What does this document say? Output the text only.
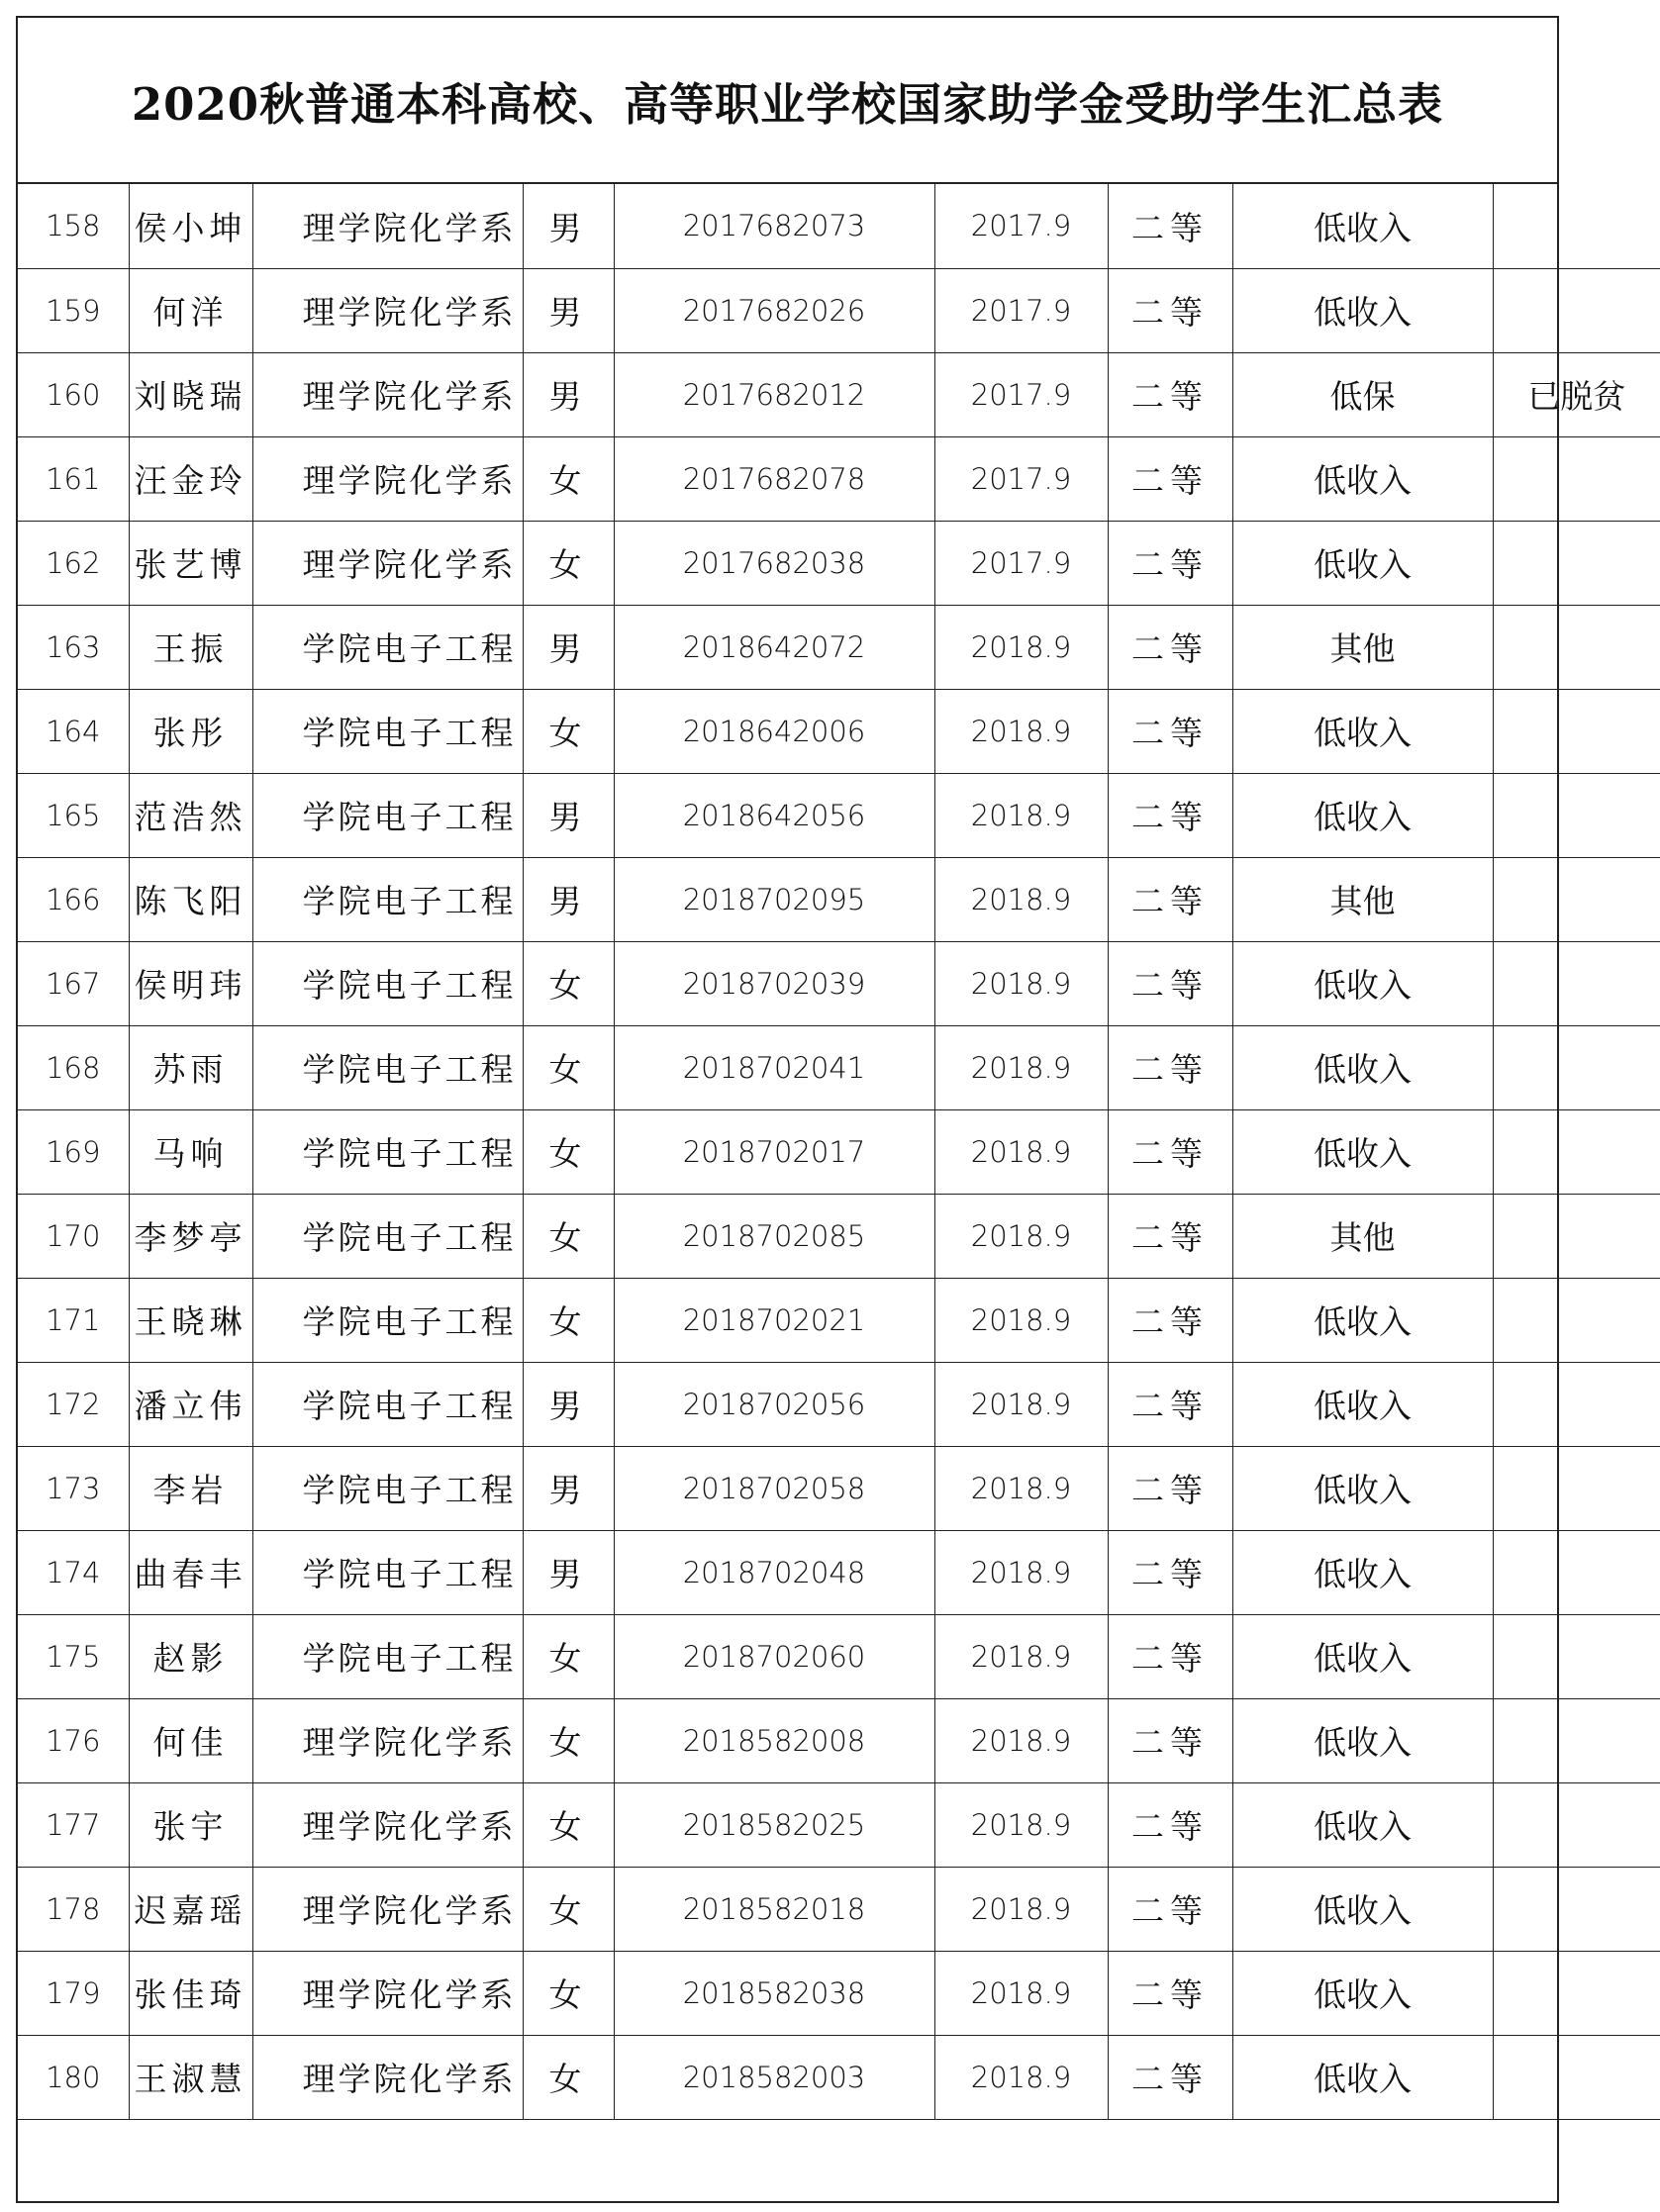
2020秋普通本科高校、高等职业学校国家助学金受助学生汇总表
158	侯小坤	理学院化学系	男	2017682073	2017.9	二等	低收入	
159	何洋	理学院化学系	男	2017682026	2017.9	二等	低收入	
160	刘晓瑞	理学院化学系	男	2017682012	2017.9	二等	低保	已脱贫
161	汪金玲	理学院化学系	女	2017682078	2017.9	二等	低收入	
162	张艺博	理学院化学系	女	2017682038	2017.9	二等	低收入	
163	王振	学院电子工程	男	2018642072	2018.9	二等	其他	
164	张彤	学院电子工程	女	2018642006	2018.9	二等	低收入	
165	范浩然	学院电子工程	男	2018642056	2018.9	二等	低收入	
166	陈飞阳	学院电子工程	男	2018702095	2018.9	二等	其他	
167	侯明玮	学院电子工程	女	2018702039	2018.9	二等	低收入	
168	苏雨	学院电子工程	女	2018702041	2018.9	二等	低收入	
169	马响	学院电子工程	女	2018702017	2018.9	二等	低收入	
170	李梦亭	学院电子工程	女	2018702085	2018.9	二等	其他	
171	王晓琳	学院电子工程	女	2018702021	2018.9	二等	低收入	
172	潘立伟	学院电子工程	男	2018702056	2018.9	二等	低收入	
173	李岩	学院电子工程	男	2018702058	2018.9	二等	低收入	
174	曲春丰	学院电子工程	男	2018702048	2018.9	二等	低收入	
175	赵影	学院电子工程	女	2018702060	2018.9	二等	低收入	
176	何佳	理学院化学系	女	2018582008	2018.9	二等	低收入	
177	张宇	理学院化学系	女	2018582025	2018.9	二等	低收入	
178	迟嘉瑶	理学院化学系	女	2018582018	2018.9	二等	低收入	
179	张佳琦	理学院化学系	女	2018582038	2018.9	二等	低收入	
180	王淑慧	理学院化学系	女	2018582003	2018.9	二等	低收入	
